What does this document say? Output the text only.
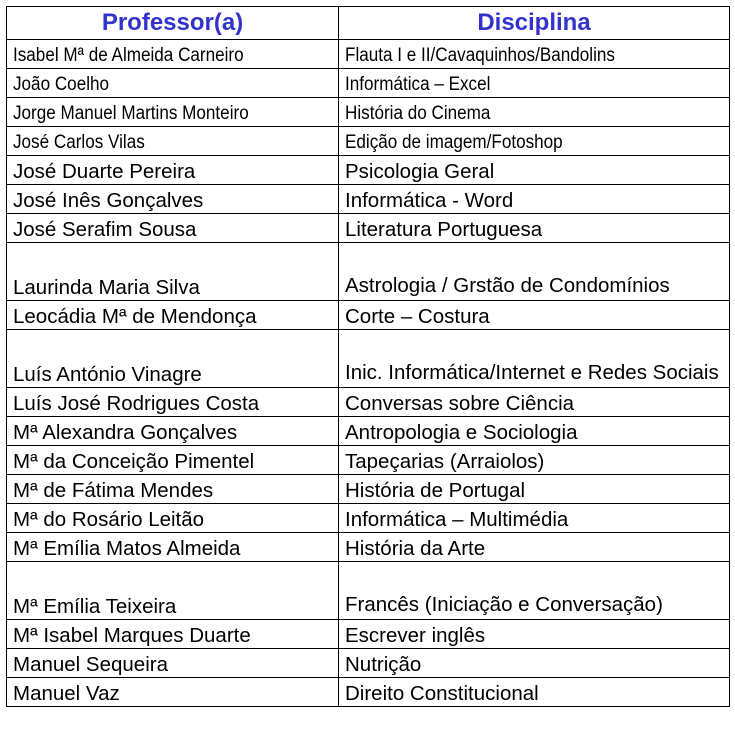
Professor(a)	Disciplina
Isabel Mª de Almeida Carneiro	Flauta I e II/Cavaquinhos/Bandolins
João Coelho	Informática – Excel
Jorge Manuel Martins Monteiro	História do Cinema
José Carlos Vilas	Edição de imagem/Fotoshop
José Duarte Pereira	Psicologia Geral
José Inês Gonçalves	Informática - Word
José Serafim Sousa	Literatura Portuguesa
Laurinda Maria Silva	Astrologia / Grstão de Condomínios
Leocádia Mª de Mendonça	Corte – Costura
Luís António Vinagre	Inic. Informática/Internet e Redes Sociais
Luís José Rodrigues Costa	Conversas sobre Ciência
Mª Alexandra Gonçalves	Antropologia e Sociologia
Mª da Conceição Pimentel	Tapeçarias (Arraiolos)
Mª de Fátima Mendes	História de Portugal
Mª do Rosário Leitão	Informática – Multimédia
Mª Emília Matos Almeida	História da Arte
Mª Emília Teixeira	Francês (Iniciação e Conversação)
Mª Isabel Marques Duarte	Escrever inglês
Manuel Sequeira	Nutrição
Manuel Vaz	Direito Constitucional
